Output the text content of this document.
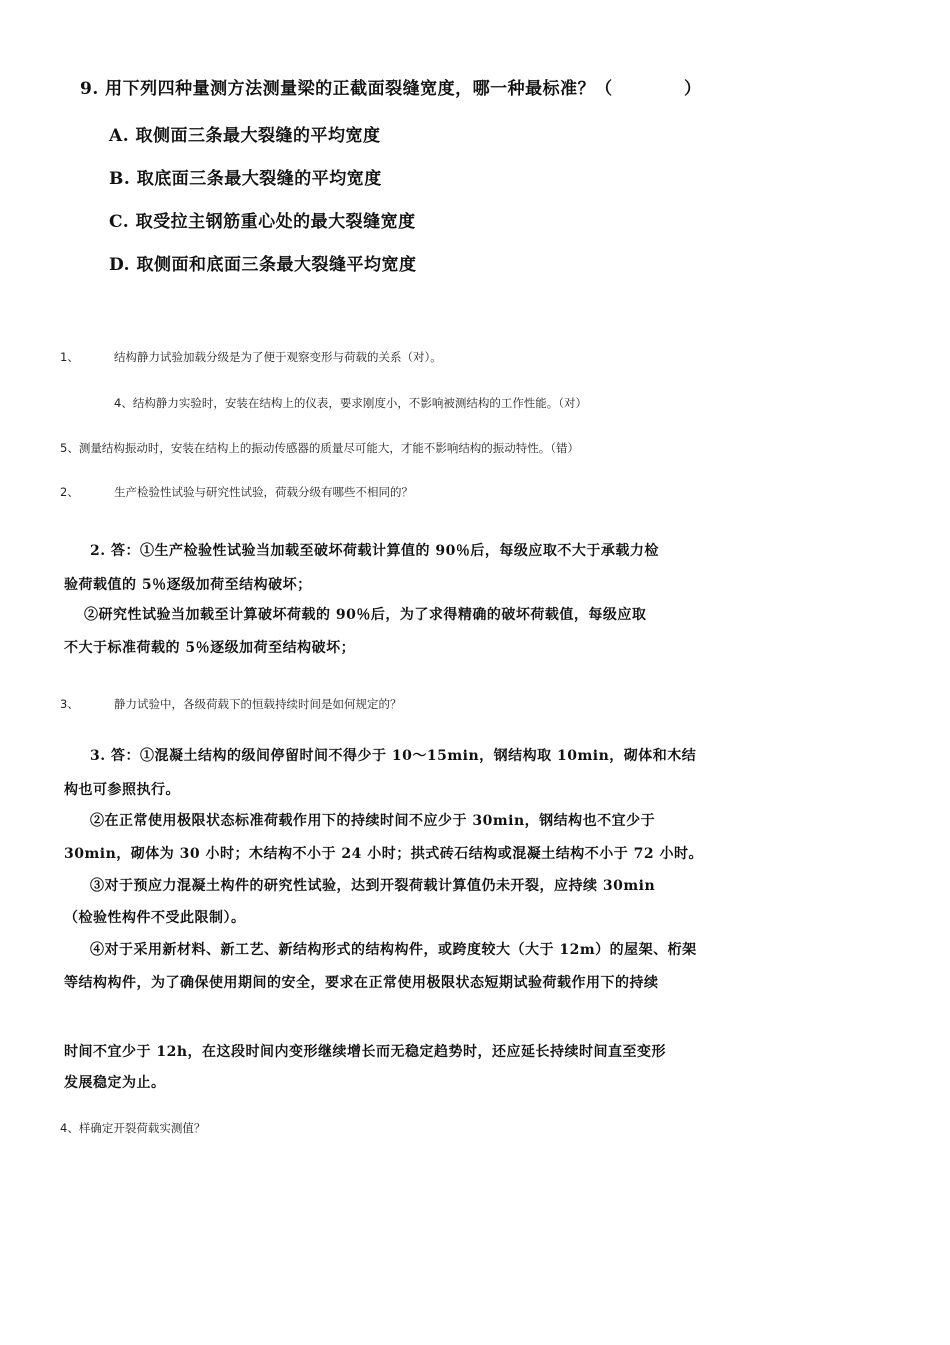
9. 用下列四种量测方法测量梁的正截面裂缝宽度，哪一种最标准？（	）
A. 取侧面三条最大裂缝的平均宽度
B. 取底面三条最大裂缝的平均宽度
C. 取受拉主钢筋重心处的最大裂缝宽度
D. 取侧面和底面三条最大裂缝平均宽度
1、	结构静力试验加载分级是为了便于观察变形与荷载的关系（对）。
4、结构静力实验时，安装在结构上的仪表，要求刚度小，不影响被测结构的工作性能。（对）
5、测量结构振动时，安装在结构上的振动传感器的质量尽可能大，才能不影响结构的振动特性。（错）
2、	生产检验性试验与研究性试验，荷载分级有哪些不相同的？
2. 答：①生产检验性试验当加载至破坏荷载计算值的 90％后，每级应取不大于承载力检
验荷载值的 5％逐级加荷至结构破坏；
②研究性试验当加载至计算破坏荷载的 90％后，为了求得精确的破坏荷载值，每级应取
不大于标准荷载的 5％逐级加荷至结构破坏；
3、	静力试验中，各级荷载下的恒载持续时间是如何规定的？
3. 答：①混凝土结构的级间停留时间不得少于 10～15min，钢结构取 10min，砌体和木结
构也可参照执行。
②在正常使用极限状态标准荷载作用下的持续时间不应少于 30min，钢结构也不宜少于
30min，砌体为 30 小时；木结构不小于 24 小时；拱式砖石结构或混凝土结构不小于 72 小时。
③对于预应力混凝土构件的研究性试验，达到开裂荷载计算值仍未开裂，应持续 30min
（检验性构件不受此限制）。
④对于采用新材料、新工艺、新结构形式的结构构件，或跨度较大（大于 12m）的屋架、桁架
等结构构件，为了确保使用期间的安全，要求在正常使用极限状态短期试验荷载作用下的持续
时间不宜少于 12h，在这段时间内变形继续增长而无稳定趋势时，还应延长持续时间直至变形
发展稳定为止。
4、样确定开裂荷载实测值？
